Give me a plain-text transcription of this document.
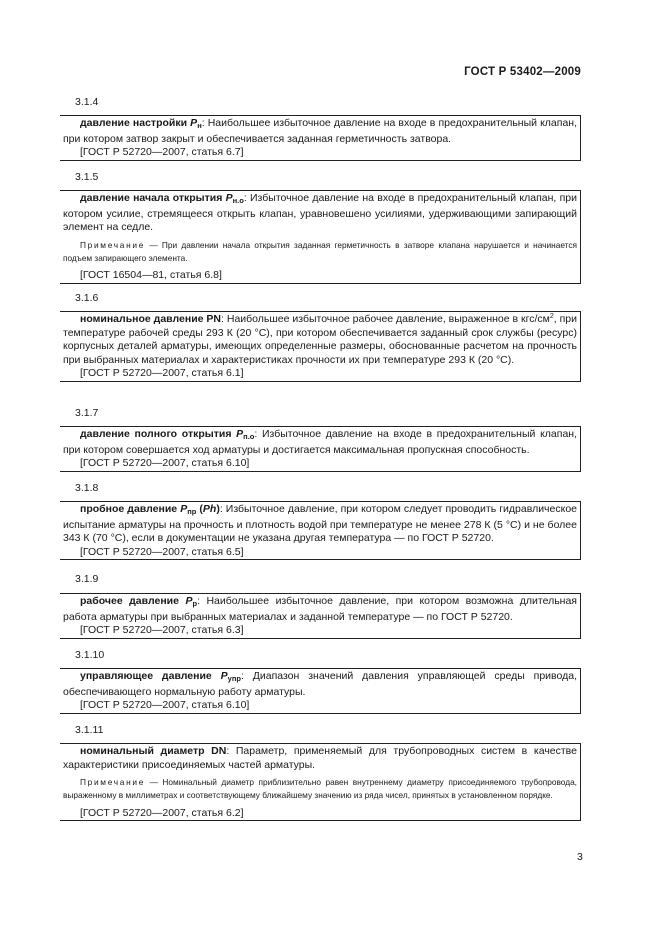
ГОСТ Р 53402—2009
3.1.4

давление настройки $P_н$: Наибольшее избыточное давление на входе в предохранительный клапан, при котором затвор закрыт и обеспечивается заданная герметичность затвора.

[ГОСТ Р 52720—2007, статья 6.7]

3.1.5

давление начала открытия $P_{н.о}$: Избыточное давление на входе в предохранительный клапан, при котором усилие, стремящееся открыть клапан, уравновешено усилиями, удерживающими запирающий элемент на седле.

Примечание — При давлении начала открытия заданная герметичность в затворе клапана нарушается и начинается подъем запирающего элемента.

[ГОСТ 16504—81, статья 6.8]

3.1.6

номинальное давление PN: Наибольшее избыточное рабочее давление, выраженное в кгс/$см^2$, при температуре рабочей среды 293 К (20 °С), при котором обеспечивается заданный срок службы (ресурс) корпусных деталей арматуры, имеющих определенные размеры, обоснованные расчетом на прочность при выбранных материалах и характеристиках прочности их при температуре 293 К (20 °С).

[ГОСТ Р 52720—2007, статья 6.1]

3.1.7

давление полного открытия $P_{п.о}$: Избыточное давление на входе в предохранительный клапан, при котором совершается ход арматуры и достигается максимальная пропускная способность.

[ГОСТ Р 52720—2007, статья 6.10]

3.1.8

пробное давление $P_{пр}$ (Ph): Избыточное давление, при котором следует проводить гидравлическое испытание арматуры на прочность и плотность водой при температуре не менее 278 К (5 °С) и не более 343 К (70 °С), если в документации не указана другая температура — по ГОСТ Р 52720.

[ГОСТ Р 52720—2007, статья 6.5]

3.1.9

рабочее давление $P_р$: Наибольшее избыточное давление, при котором возможна длительная работа арматуры при выбранных материалах и заданной температуре — по ГОСТ Р 52720.

[ГОСТ Р 52720—2007, статья 6.3]

3.1.10

управляющее давление $P_{упр}$: Диапазон значений давления управляющей среды привода, обеспечивающего нормальную работу арматуры.

[ГОСТ Р 52720—2007, статья 6.10]

3.1.11

номинальный диаметр DN: Параметр, применяемый для трубопроводных систем в качестве характеристики присоединяемых частей арматуры.

Примечание — Номинальный диаметр приблизительно равен внутреннему диаметру присоединяемого трубопровода, выраженному в миллиметрах и соответствующему ближайшему значению из ряда чисел, принятых в установленном порядке.

[ГОСТ Р 52720—2007, статья 6.2]

3
